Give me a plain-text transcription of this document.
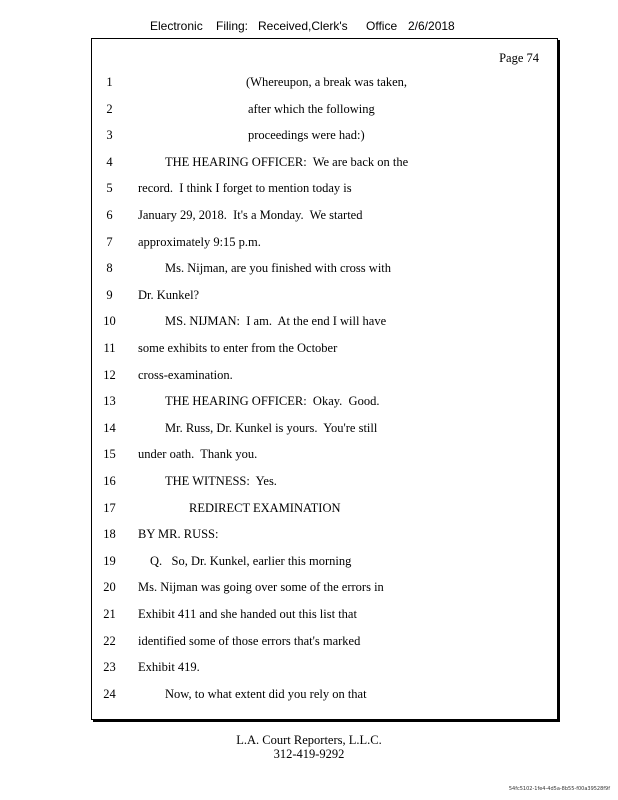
Electronic

Filing:

Received,Clerk's

Office

2/6/2018

Page 74
1	(Whereupon, a break was taken,
2	after which the following
3	proceedings were had:)
4	THE HEARING OFFICER:  We are back on the
5	record.  I think I forget to mention today is
6	January 29, 2018.  It's a Monday.  We started
7	approximately 9:15 p.m.
8	Ms. Nijman, are you finished with cross with
9	Dr. Kunkel?
10	MS. NIJMAN:  I am.  At the end I will have
11	some exhibits to enter from the October
12	cross-examination.
13	THE HEARING OFFICER:  Okay.  Good.
14	Mr. Russ, Dr. Kunkel is yours.  You're still
15	under oath.  Thank you.
16	THE WITNESS:  Yes.
17	REDIRECT EXAMINATION
18	BY MR. RUSS:
19	Q.   So, Dr. Kunkel, earlier this morning
20	Ms. Nijman was going over some of the errors in
21	Exhibit 411 and she handed out this list that
22	identified some of those errors that's marked
23	Exhibit 419.
24	Now, to what extent did you rely on that
L.A. Court Reporters, L.L.C.
312-419-9292
54fc5102-1fe4-4d5a-8b55-f00a39528f9f
